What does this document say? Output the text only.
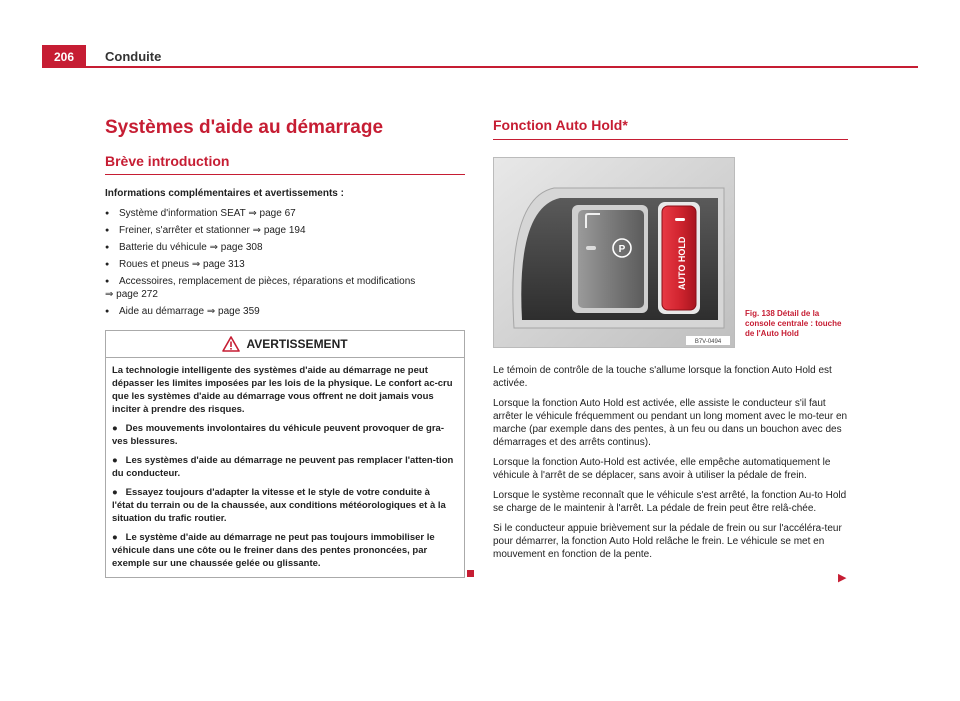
206	Conduite
Systèmes d'aide au démarrage
Brève introduction
Informations complémentaires et avertissements :
● Système d'information SEAT ⇒ page 67
● Freiner, s'arrêter et stationner ⇒ page 194
● Batterie du véhicule ⇒ page 308
● Roues et pneus ⇒ page 313
● Accessoires, remplacement de pièces, réparations et modifications
⇒ page 272
● Aide au démarrage ⇒ page 359
AVERTISSEMENT

La technologie intelligente des systèmes d'aide au démarrage ne peut dépasser les limites imposées par les lois de la physique. Le confort ac-cru que les systèmes d'aide au démarrage vous offrent ne doit jamais vous inciter à prendre des risques.

●   Des mouvements involontaires du véhicule peuvent provoquer de gra-ves blessures.

●   Les systèmes d'aide au démarrage ne peuvent pas remplacer l'atten-tion du conducteur.

●   Essayez toujours d'adapter la vitesse et le style de votre conduite à l'état du terrain ou de la chaussée, aux conditions météorologiques et à la situation du trafic routier.

●   Le système d'aide au démarrage ne peut pas toujours immobiliser le véhicule dans une côte ou le freiner dans des pentes prononcées, par exemple sur une chaussée gelée ou glissante.

Fonction Auto Hold*
P	AUTO HOLD
B7V-0494
Fig. 138 Détail de la console centrale : touche de l'Auto Hold

Le témoin de contrôle de la touche s'allume lorsque la fonction Auto Hold est activée.

Lorsque la fonction Auto Hold est activée, elle assiste le conducteur s'il faut arrêter le véhicule fréquemment ou pendant un long moment avec le mo-teur en marche (par exemple dans des pentes, à un feu ou dans un bouchon avec des démarrages et des arrêts continus).

Lorsque la fonction Auto-Hold est activée, elle empêche automatiquement le véhicule à l'arrêt de se déplacer, sans avoir à utiliser la pédale de frein.

Lorsque le système reconnaît que le véhicule s'est arrêté, la fonction Au-to Hold se charge de le maintenir à l'arrêt. La pédale de frein peut être relâ-chée.

Si le conducteur appuie brièvement sur la pédale de frein ou sur l'accéléra-teur pour démarrer, la fonction Auto Hold relâche le frein. Le véhicule se met en mouvement en fonction de la pente.

▶
